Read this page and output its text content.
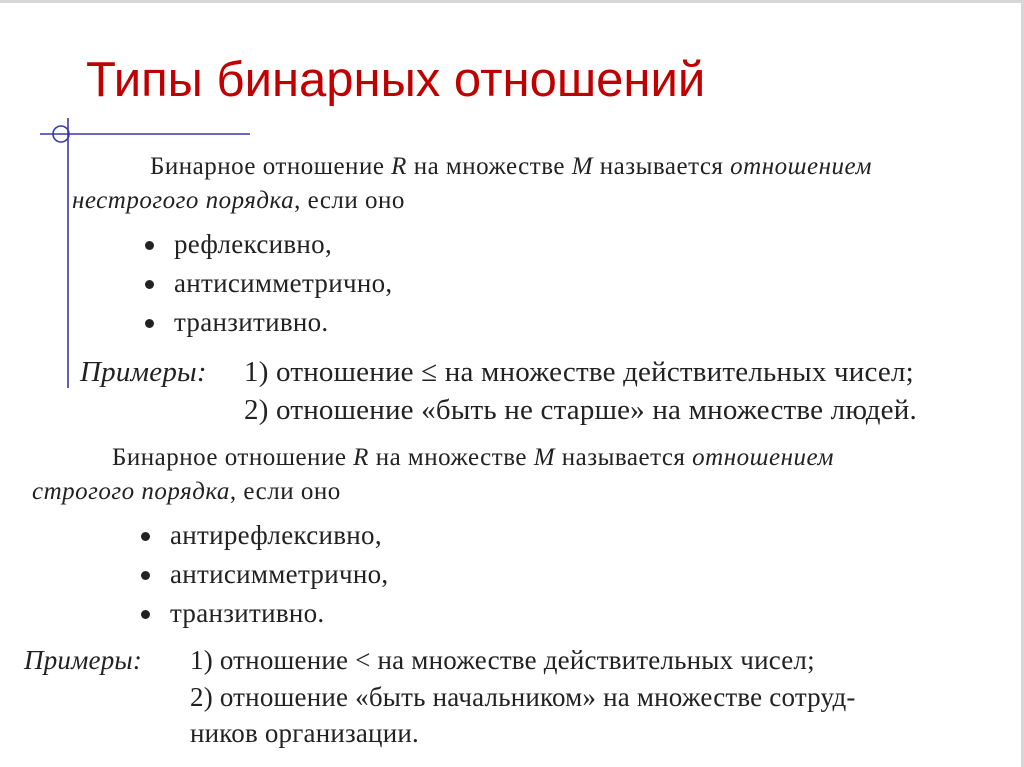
Типы бинарных отношений
Бинарное отношение R на множестве M называется отношением
нестрогого порядка, если оно
рефлексивно,
антисимметрично,
транзитивно.
Примеры: 1) отношение ≤ на множестве действительных чисел;
2) отношение «быть не старше» на множестве людей.
Бинарное отношение R на множестве M называется отношением
строгого порядка, если оно
антирефлексивно,
антисимметрично,
транзитивно.
Примеры: 1) отношение < на множестве действительных чисел;
2) отношение «быть начальником» на множестве сотруд-
ников организации.
